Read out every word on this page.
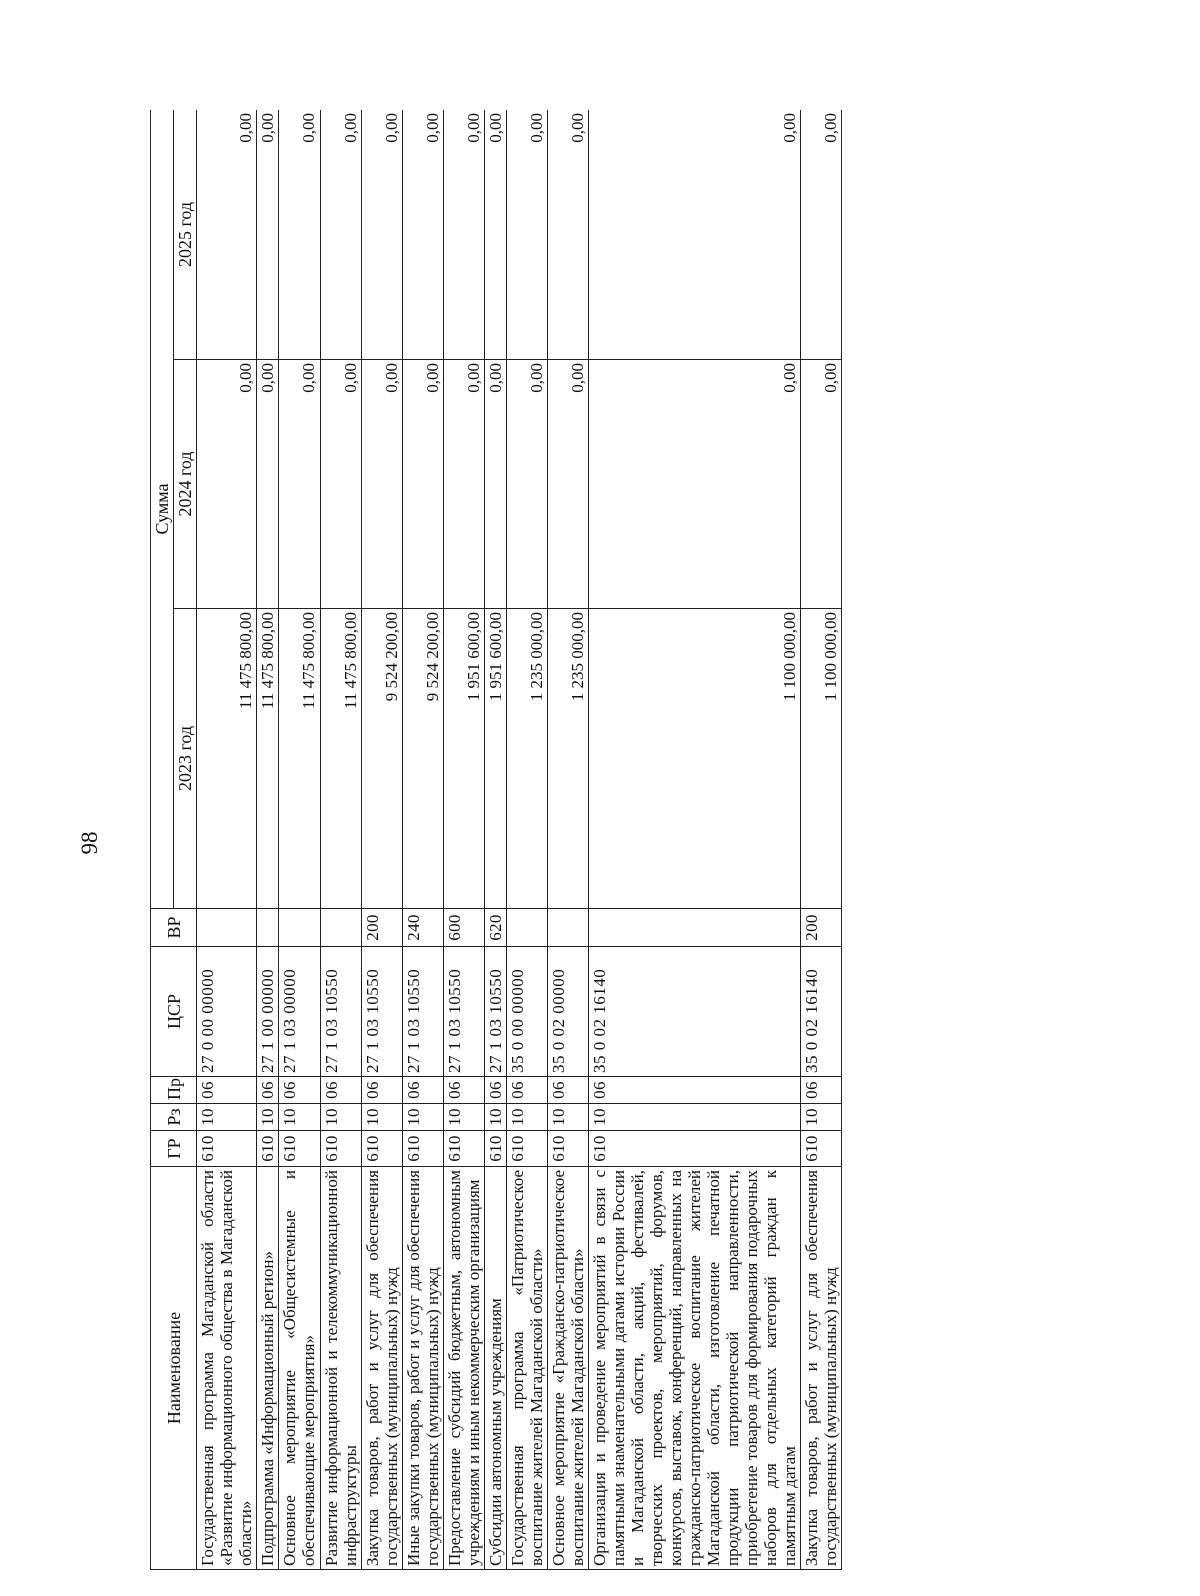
98
Наименование	ГР	Рз	Пр	ЦСР	ВР	Сумма		
						2023 год	2024 год	2025 год
Государственная программа Магаданской области «Развитие информационного общества в Магаданской области»	610	10	06	27 0 00 00000		11 475 800,00	0,00	0,00
Подпрограмма «Информационный регион»	610	10	06	27 1 00 00000		11 475 800,00	0,00	0,00
Основное мероприятие «Общесистемные и обеспечивающие мероприятия»	610	10	06	27 1 03 00000		11 475 800,00	0,00	0,00
Развитие информационной и телекоммуникационной инфраструктуры	610	10	06	27 1 03 10550		11 475 800,00	0,00	0,00
Закупка товаров, работ и услуг для обеспечения государственных (муниципальных) нужд	610	10	06	27 1 03 10550	200	9 524 200,00	0,00	0,00
Иные закупки товаров, работ и услуг для обеспечения государственных (муниципальных) нужд	610	10	06	27 1 03 10550	240	9 524 200,00	0,00	0,00
Предоставление субсидий бюджетным, автономным учреждениям и иным некоммерческим организациям	610	10	06	27 1 03 10550	600	1 951 600,00	0,00	0,00
Субсидии автономным учреждениям	610	10	06	27 1 03 10550	620	1 951 600,00	0,00	0,00
Государственная программа «Патриотическое воспитание жителей Магаданской области»	610	10	06	35 0 00 00000		1 235 000,00	0,00	0,00
Основное мероприятие «Гражданско-патриотическое воспитание жителей Магаданской области»	610	10	06	35 0 02 00000		1 235 000,00	0,00	0,00
Организация и проведение мероприятий в связи с памятными знаменательными датами истории России и Магаданской области, акций, фестивалей, творческих проектов, мероприятий, форумов, конкурсов, выставок, конференций, направленных на гражданско-патриотическое воспитание жителей Магаданской области, изготовление печатной продукции патриотической направленности, приобретение товаров для формирования подарочных наборов для отдельных категорий граждан к памятным датам	610	10	06	35 0 02 16140		1 100 000,00	0,00	0,00
Закупка товаров, работ и услуг для обеспечения государственных (муниципальных) нужд	610	10	06	35 0 02 16140	200	1 100 000,00	0,00	0,00
